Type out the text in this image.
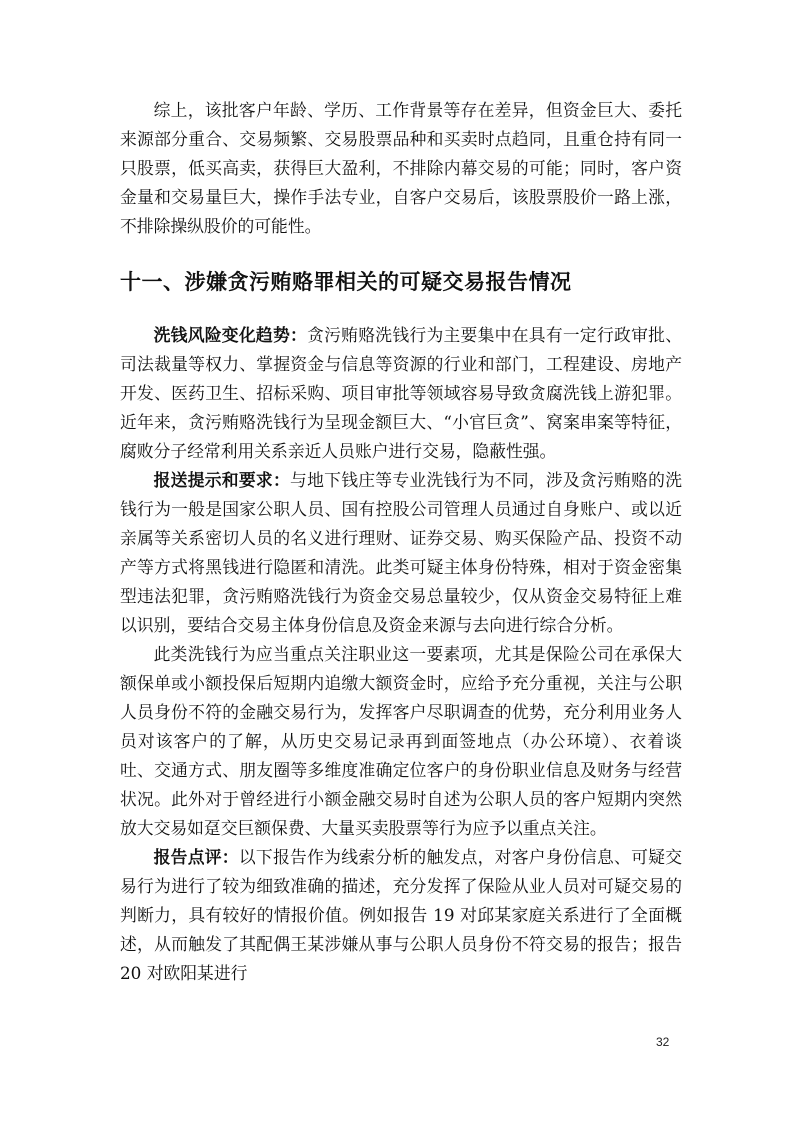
综上，该批客户年龄、学历、工作背景等存在差异，但资金巨大、委托来源部分重合、交易频繁、交易股票品种和买卖时点趋同，且重仓持有同一只股票，低买高卖，获得巨大盈利，不排除内幕交易的可能；同时，客户资金量和交易量巨大，操作手法专业，自客户交易后，该股票股价一路上涨，不排除操纵股价的可能性。

十一、涉嫌贪污贿赂罪相关的可疑交易报告情况

洗钱风险变化趋势：贪污贿赂洗钱行为主要集中在具有一定行政审批、司法裁量等权力、掌握资金与信息等资源的行业和部门，工程建设、房地产开发、医药卫生、招标采购、项目审批等领域容易导致贪腐洗钱上游犯罪。近年来，贪污贿赂洗钱行为呈现金额巨大、“小官巨贪”、窝案串案等特征，腐败分子经常利用关系亲近人员账户进行交易，隐蔽性强。

报送提示和要求：与地下钱庄等专业洗钱行为不同，涉及贪污贿赂的洗钱行为一般是国家公职人员、国有控股公司管理人员通过自身账户、或以近亲属等关系密切人员的名义进行理财、证券交易、购买保险产品、投资不动产等方式将黑钱进行隐匿和清洗。此类可疑主体身份特殊，相对于资金密集型违法犯罪，贪污贿赂洗钱行为资金交易总量较少，仅从资金交易特征上难以识别，要结合交易主体身份信息及资金来源与去向进行综合分析。

此类洗钱行为应当重点关注职业这一要素项，尤其是保险公司在承保大额保单或小额投保后短期内追缴大额资金时，应给予充分重视，关注与公职人员身份不符的金融交易行为，发挥客户尽职调查的优势，充分利用业务人员对该客户的了解，从历史交易记录再到面签地点（办公环境）、衣着谈吐、交通方式、朋友圈等多维度准确定位客户的身份职业信息及财务与经营状况。此外对于曾经进行小额金融交易时自述为公职人员的客户短期内突然放大交易如趸交巨额保费、大量买卖股票等行为应予以重点关注。

报告点评：以下报告作为线索分析的触发点，对客户身份信息、可疑交易行为进行了较为细致准确的描述，充分发挥了保险从业人员对可疑交易的判断力，具有较好的情报价值。例如报告 19 对邱某家庭关系进行了全面概述，从而触发了其配偶王某涉嫌从事与公职人员身份不符交易的报告；报告 20 对欧阳某进行

32
